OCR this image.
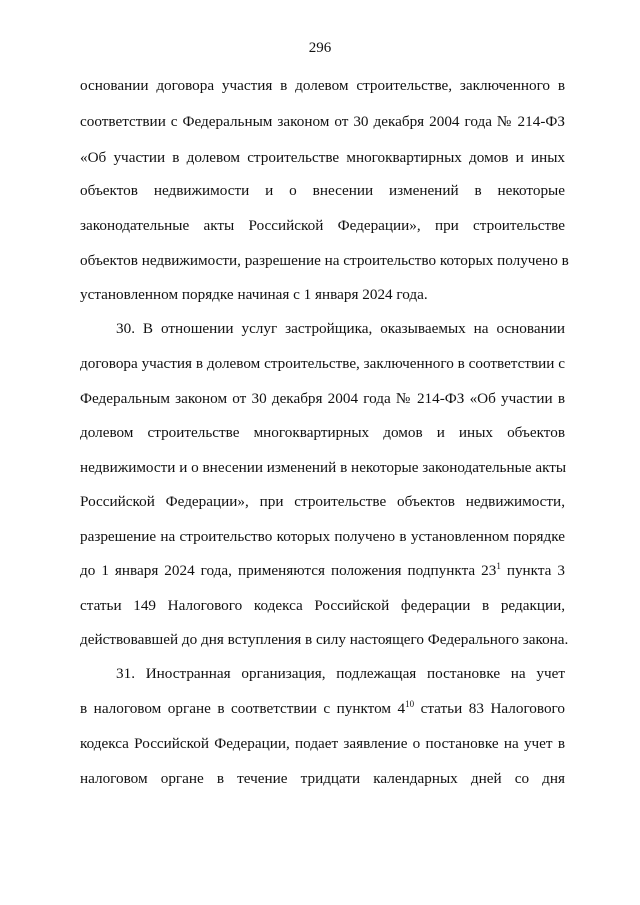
296
основании договора участия в долевом строительстве, заключенного в
соответствии с Федеральным законом от 30 декабря 2004 года № 214-ФЗ
«Об участии в долевом строительстве многоквартирных домов и иных
объектов недвижимости и о внесении изменений в некоторые
законодательные акты Российской Федерации», при строительстве
объектов недвижимости, разрешение на строительство которых получено в
установленном порядке начиная с 1 января 2024 года.
30. В отношении услуг застройщика, оказываемых на основании
договора участия в долевом строительстве, заключенного в соответствии с
Федеральным законом от 30 декабря 2004 года № 214-ФЗ «Об участии в
долевом строительстве многоквартирных домов и иных объектов
недвижимости и о внесении изменений в некоторые законодательные акты
Российской Федерации», при строительстве объектов недвижимости,
разрешение на строительство которых получено в установленном порядке
до 1 января 2024 года, применяются положения подпункта $23^1$ пункта 3
статьи 149 Налогового кодекса Российской федерации в редакции,
действовавшей до дня вступления в силу настоящего Федерального закона.
31. Иностранная организация, подлежащая постановке на учет
в налоговом органе в соответствии с пунктом $4^{10}$ статьи 83 Налогового
кодекса Российской Федерации, подает заявление о постановке на учет в
налоговом органе в течение тридцати календарных дней со дня
